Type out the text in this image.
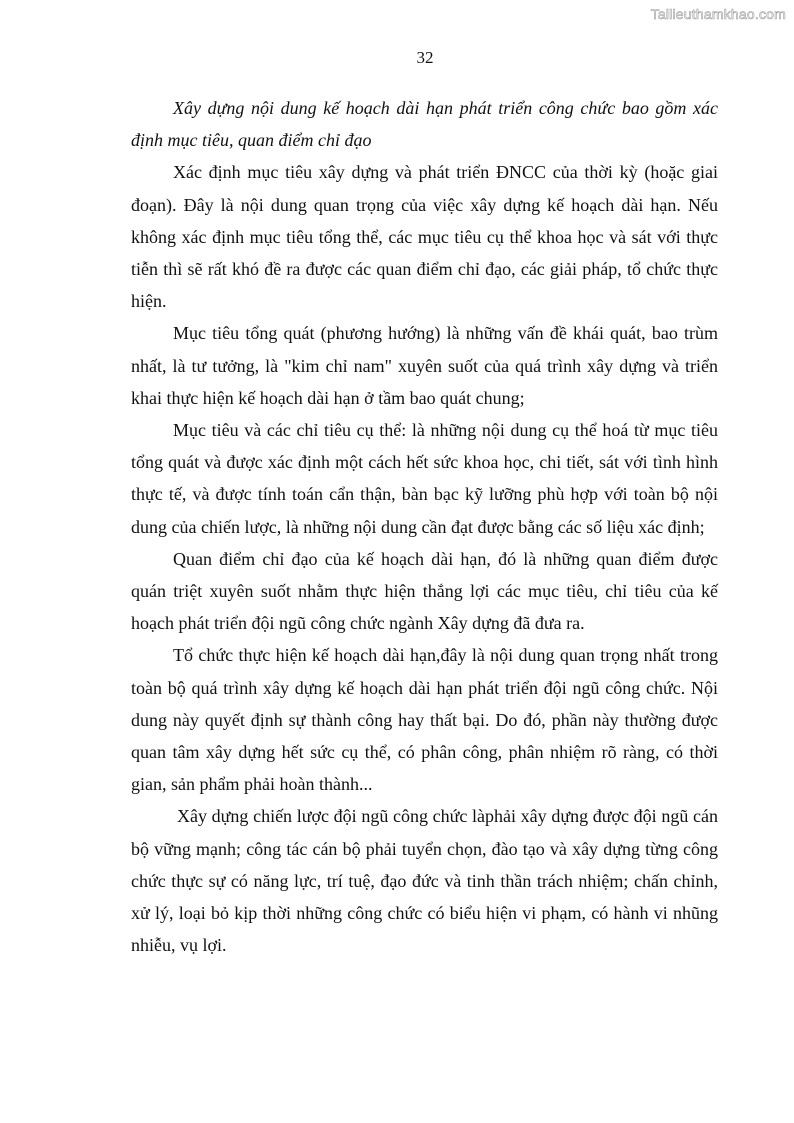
Tailieuthamkhao.com
32

Xây dựng nội dung kế hoạch dài hạn phát triển công chức bao gồm xác định mục tiêu, quan điểm chỉ đạo

Xác định mục tiêu xây dựng và phát triển ĐNCC của thời kỳ (hoặc giai đoạn). Đây là nội dung quan trọng của việc xây dựng kế hoạch dài hạn. Nếu không xác định mục tiêu tổng thể, các mục tiêu cụ thể khoa học và sát với thực tiễn thì sẽ rất khó đề ra được các quan điểm chỉ đạo, các giải pháp, tổ chức thực hiện.

Mục tiêu tổng quát (phương hướng) là những vấn đề khái quát, bao trùm nhất, là tư tưởng, là "kim chỉ nam" xuyên suốt của quá trình xây dựng và triển khai thực hiện kế hoạch dài hạn ở tầm bao quát chung;

Mục tiêu và các chỉ tiêu cụ thể: là những nội dung cụ thể hoá từ mục tiêu tổng quát và được xác định một cách hết sức khoa học, chi tiết, sát với tình hình thực tế, và được tính toán cẩn thận, bàn bạc kỹ lưỡng phù hợp với toàn bộ nội dung của chiến lược, là những nội dung cần đạt được bằng các số liệu xác định;

Quan điểm chỉ đạo của kế hoạch dài hạn, đó là những quan điểm được quán triệt xuyên suốt nhằm thực hiện thắng lợi các mục tiêu, chỉ tiêu của kế hoạch phát triển đội ngũ công chức ngành Xây dựng đã đưa ra.

Tổ chức thực hiện kế hoạch dài hạn,đây là nội dung quan trọng nhất trong toàn bộ quá trình xây dựng kế hoạch dài hạn phát triển đội ngũ công chức. Nội dung này quyết định sự thành công hay thất bại. Do đó, phần này thường được quan tâm xây dựng hết sức cụ thể, có phân công, phân nhiệm rõ ràng, có thời gian, sản phẩm phải hoàn thành...

Xây dựng chiến lược đội ngũ công chức làphải xây dựng được đội ngũ cán bộ vững mạnh; công tác cán bộ phải tuyển chọn, đào tạo và xây dựng từng công chức thực sự có năng lực, trí tuệ, đạo đức và tinh thần trách nhiệm; chấn chỉnh, xử lý, loại bỏ kịp thời những công chức có biểu hiện vi phạm, có hành vi nhũng nhiễu, vụ lợi.
